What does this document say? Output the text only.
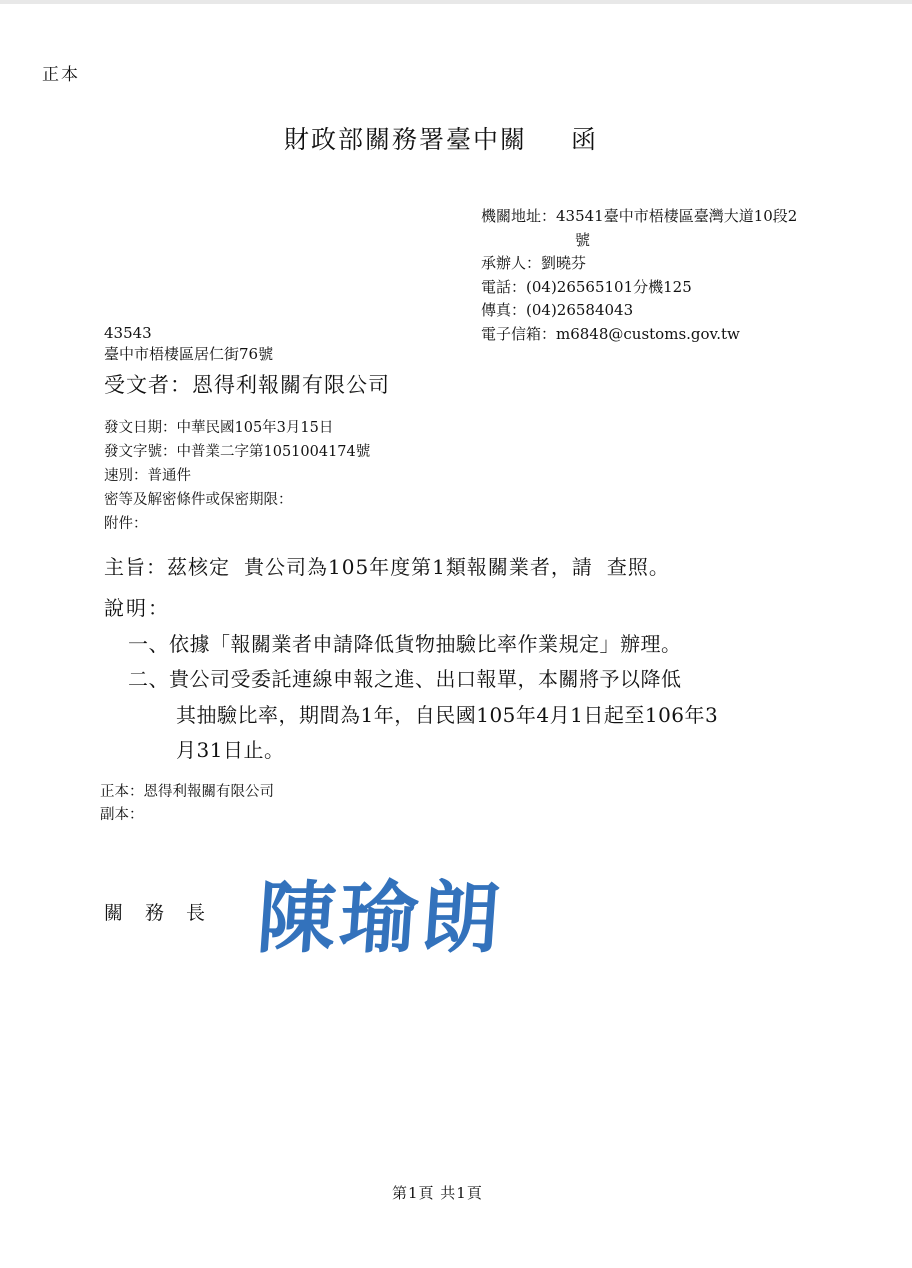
正本
財政部關務署臺中關 函
機關地址：43541臺中市梧棲區臺灣大道10段2
號
承辦人：劉曉芬
電話：(04)26565101分機125
傳真：(04)26584043
電子信箱：m6848@customs.gov.tw
43543
臺中市梧棲區居仁街76號
受文者：恩得利報關有限公司
發文日期：中華民國105年3月15日
發文字號：中普業二字第1051004174號
速別：普通件
密等及解密條件或保密期限：
附件：
主旨：茲核定 貴公司為105年度第1類報關業者，請 查照。
說明：
一、依據「報關業者申請降低貨物抽驗比率作業規定」辦理。
二、貴公司受委託連線申報之進、出口報單，本關將予以降低
其抽驗比率，期間為1年，自民國105年4月1日起至106年3
月31日止。
正本：恩得利報關有限公司
副本：
關務長 陳瑜朗
第1頁 共1頁
